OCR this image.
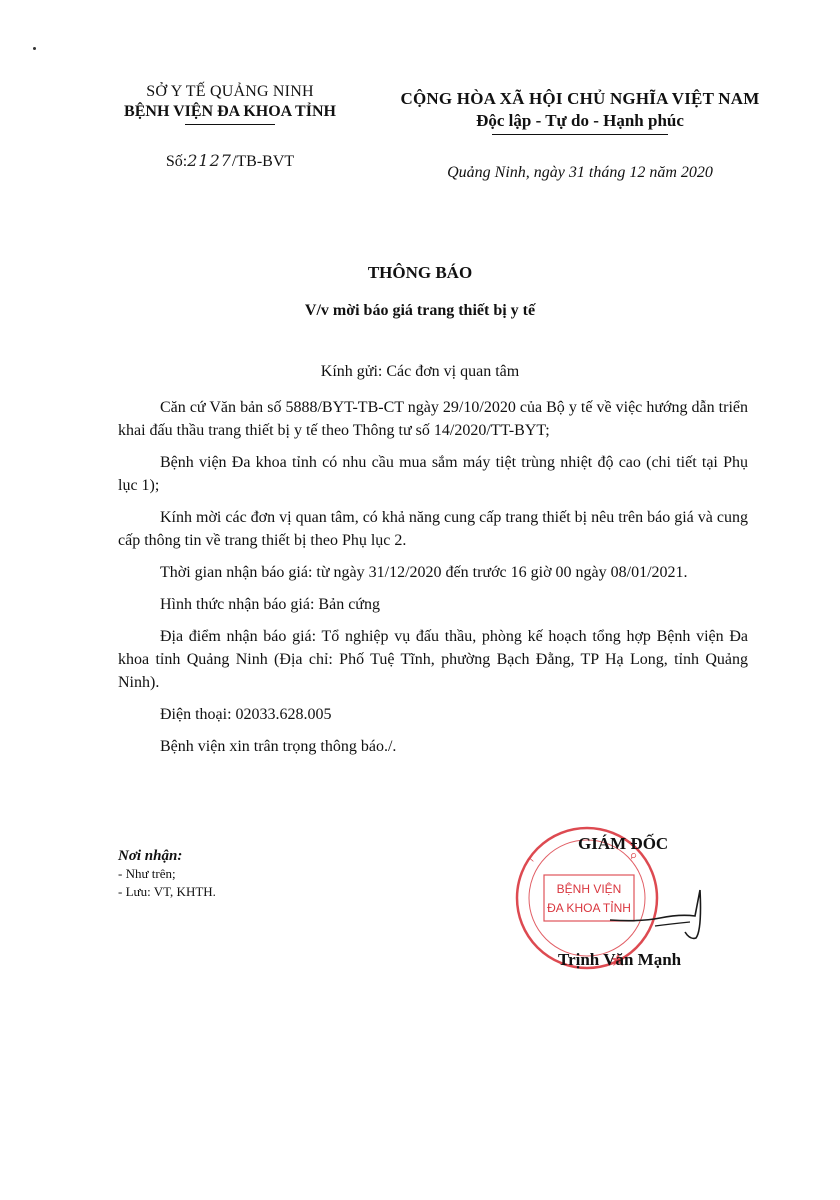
SỞ Y TẾ QUẢNG NINH
BỆNH VIỆN ĐA KHOA TỈNH
Số:2127/TB-BVT
CỘNG HÒA XÃ HỘI CHỦ NGHĨA VIỆT NAM
Độc lập - Tự do - Hạnh phúc
Quảng Ninh, ngày 31 tháng 12 năm 2020
THÔNG BÁO
V/v mời báo giá trang thiết bị y tế
Kính gửi: Các đơn vị quan tâm

Căn cứ Văn bản số 5888/BYT-TB-CT ngày 29/10/2020 của Bộ y tế về việc hướng dẫn triển khai đấu thầu trang thiết bị y tế theo Thông tư số 14/2020/TT-BYT;

Bệnh viện Đa khoa tỉnh có nhu cầu mua sắm máy tiệt trùng nhiệt độ cao (chi tiết tại Phụ lục 1);

Kính mời các đơn vị quan tâm, có khả năng cung cấp trang thiết bị nêu trên báo giá và cung cấp thông tin về trang thiết bị theo Phụ lục 2.

Thời gian nhận báo giá: từ ngày 31/12/2020 đến trước 16 giờ 00 ngày 08/01/2021.

Hình thức nhận báo giá: Bản cứng

Địa điểm nhận báo giá: Tổ nghiệp vụ đấu thầu, phòng kế hoạch tổng hợp Bệnh viện Đa khoa tỉnh Quảng Ninh (Địa chỉ: Phố Tuệ Tĩnh, phường Bạch Đằng, TP Hạ Long, tỉnh Quảng Ninh).

Điện thoại: 02033.628.005

Bệnh viện xin trân trọng thông báo./.

Nơi nhận:
- Như trên;
- Lưu: VT, KHTH.	BỆNH VIỆN
ĐA KHOA TỈNH
Q
T
GIÁM ĐỐC
Trịnh Văn Mạnh
